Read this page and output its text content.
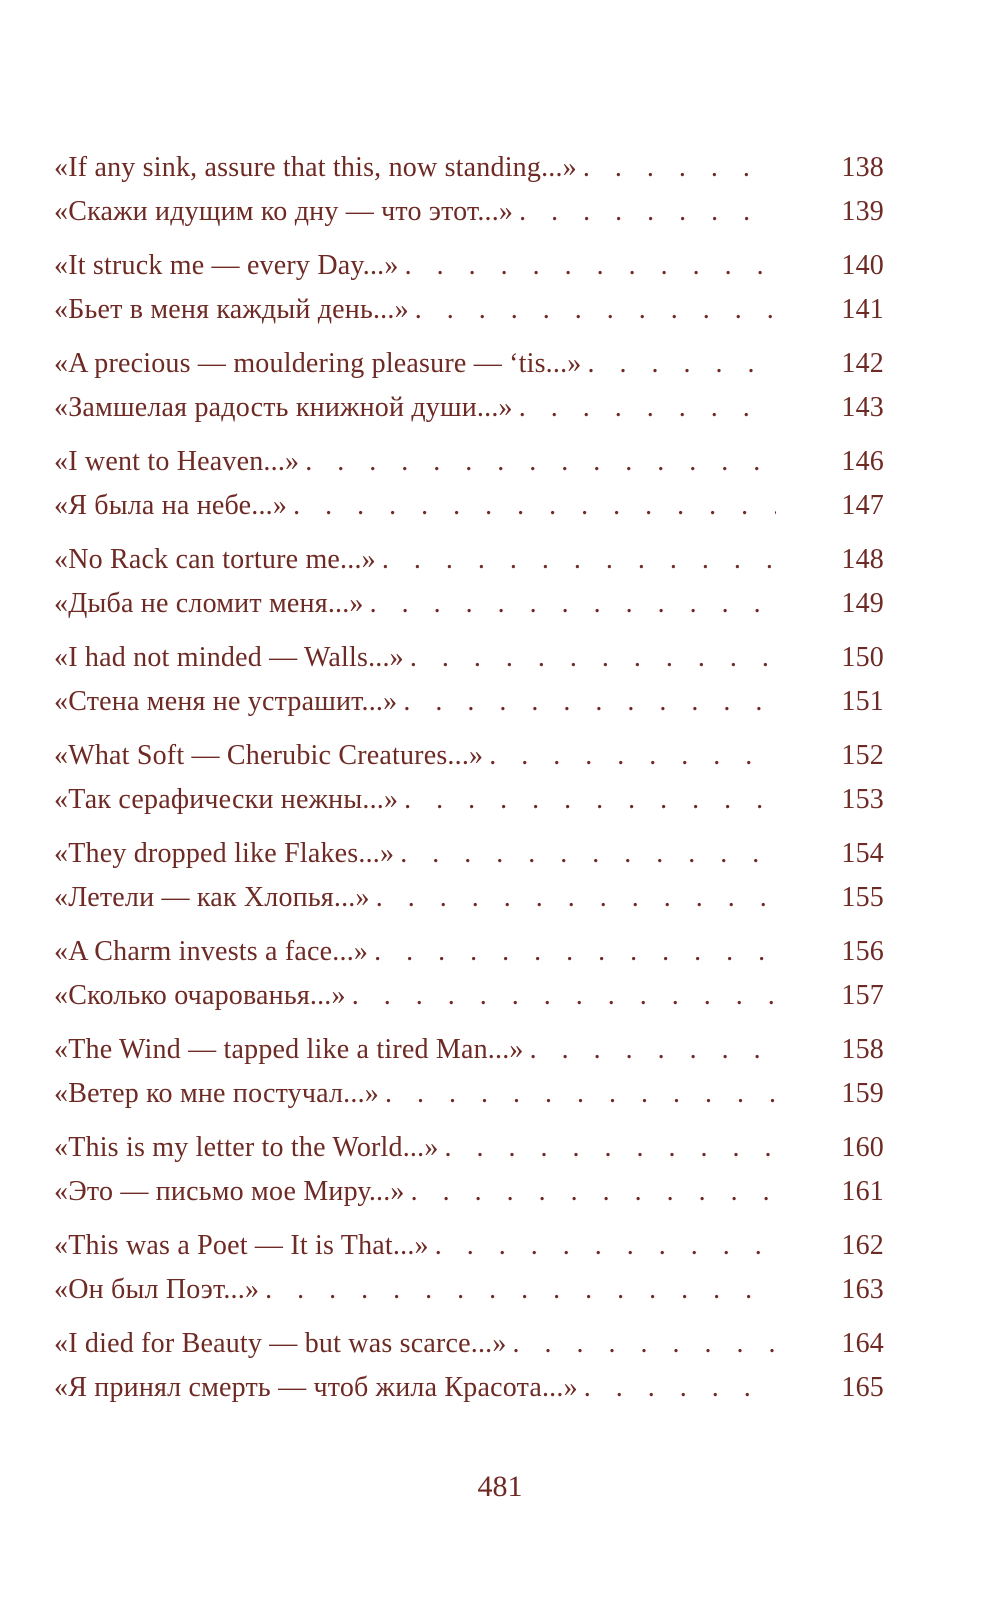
«If any sink, assure that this, now standing...» . . .	138
«Скажи идущим ко дну — что этот...» . . .	139
«It struck me — every Day...» . . .	140
«Бьет в меня каждый день...» . . .	141
«A precious — mouldering pleasure — ‘tis...» . . .	142
«Замшелая радость книжной души...» . . .	143
«I went to Heaven...» . . .	146
«Я была на небе...» . . .	147
«No Rack can torture me...» . . .	148
«Дыба не сломит меня...» . . .	149
«I had not minded — Walls...» . . .	150
«Стена меня не устрашит...» . . .	151
«What Soft — Cherubic Creatures...» . . .	152
«Так серафически нежны...» . . .	153
«They dropped like Flakes...» . . .	154
«Летели — как Хлопья...» . . .	155
«A Charm invests a face...» . . .	156
«Сколько очарованья...» . . .	157
«The Wind — tapped like a tired Man...» . . .	158
«Ветер ко мне постучал...» . . .	159
«This is my letter to the World...» . . .	160
«Это — письмо мое Миру...» . . .	161
«This was a Poet — It is That...» . . .	162
«Он был Поэт...» . . .	163
«I died for Beauty — but was scarce...» . . .	164
«Я принял смерть — чтоб жила Красота...» . . .	165
481
